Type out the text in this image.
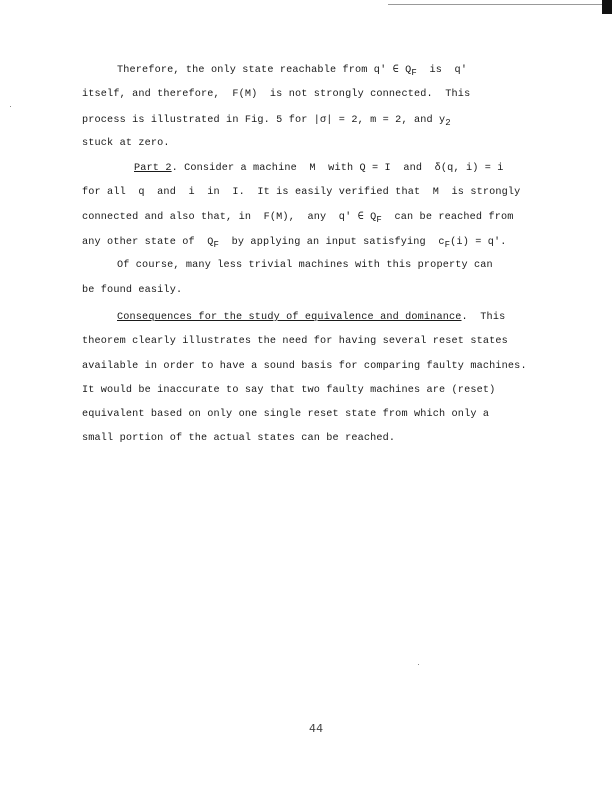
Therefore, the only state reachable from q' ∈ $Q_F$  is  q'
itself, and therefore,  F(M)  is not strongly connected.  This
process is illustrated in Fig. 5 for |σ| = 2, m = 2, and $y_2$
stuck at zero.
Part 2. Consider a machine  M  with Q = I  and  δ(q, i) = i
for all  q  and  i  in  I.  It is easily verified that  M  is strongly
connected and also that, in  F(M),  any  q' ∈ $Q_F$  can be reached from
any other state of  $Q_F$  by applying an input satisfying  $c_F(i) = q'$.
Of course, many less trivial machines with this property can
be found easily.
Consequences for the study of equivalence and dominance.  This
theorem clearly illustrates the need for having several reset states
available in order to have a sound basis for comparing faulty machines.
It would be inaccurate to say that two faulty machines are (reset)
equivalent based on only one single reset state from which only a
small portion of the actual states can be reached.
44
